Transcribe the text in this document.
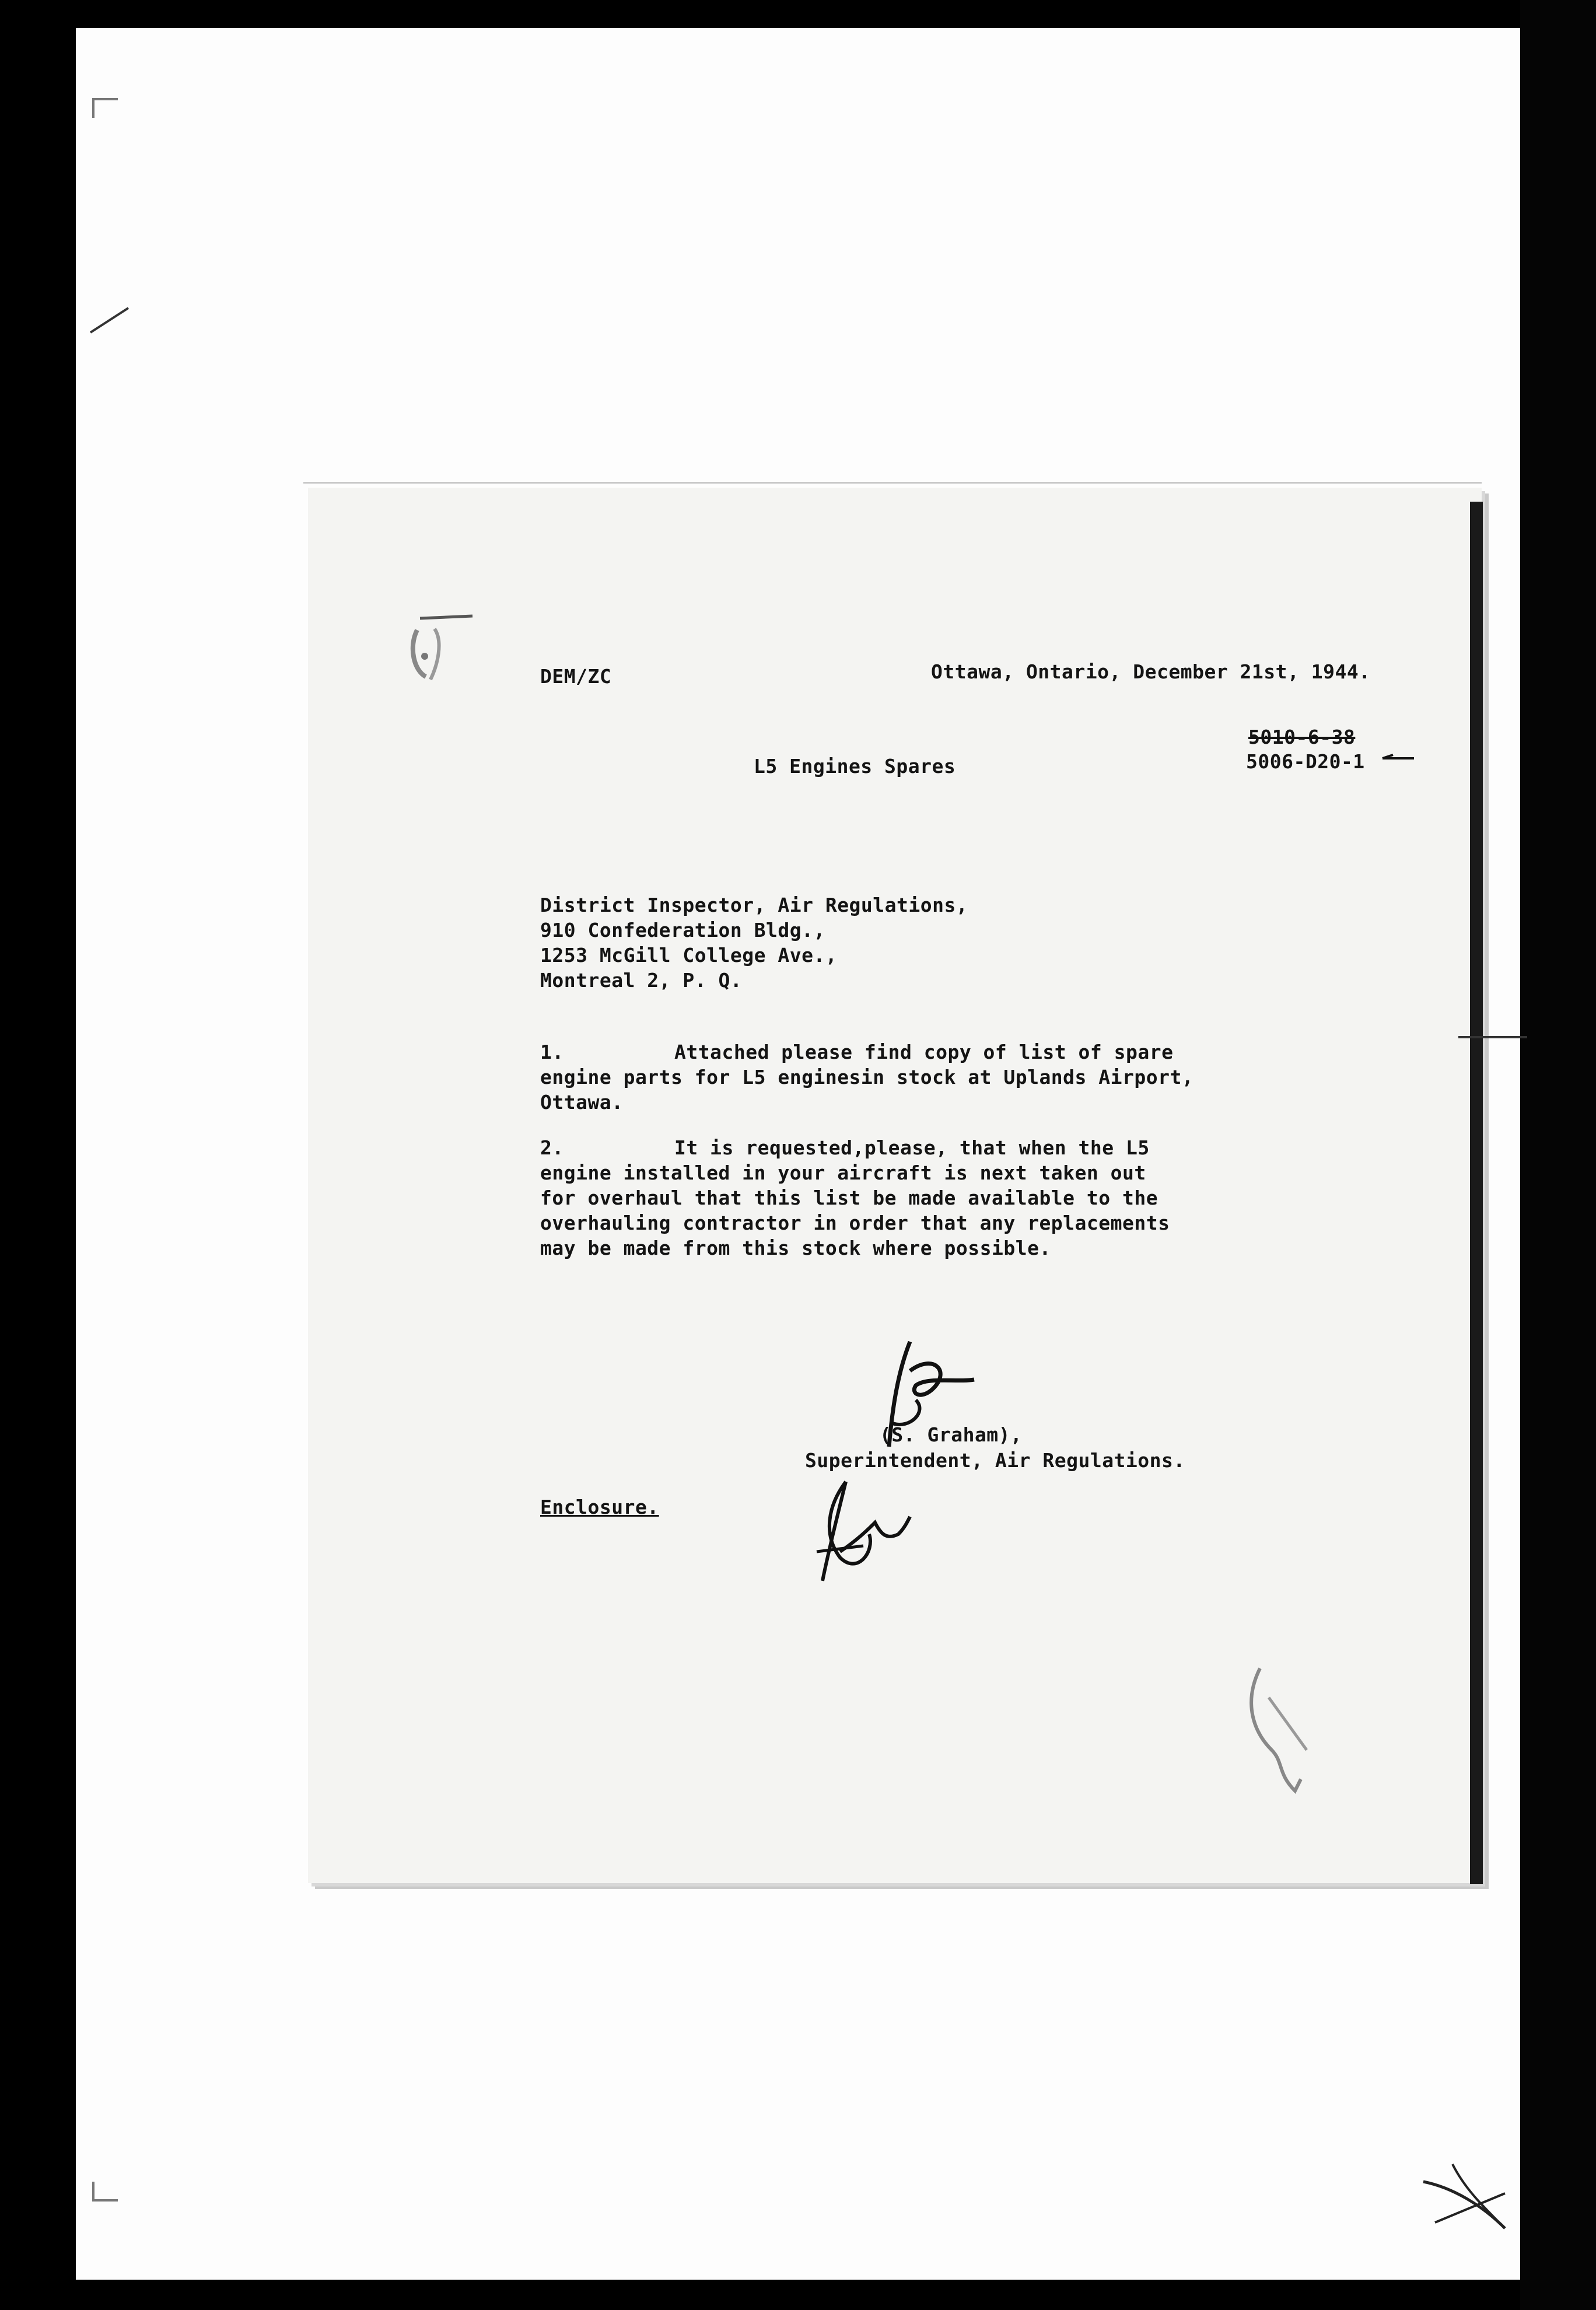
DEM/ZC	Ottawa, Ontario, December 21st, 1944.
5010-6-38
5006-D20-1
L5 Engines Spares
District Inspector, Air Regulations,
910 Confederation Bldg.,
1253 McGill College Ave.,
Montreal 2, P. Q.
1.	Attached please find copy of list of spare
engine parts for L5 enginesin stock at Uplands Airport,
Ottawa.
2.	It is requested,please, that when the L5
engine installed in your aircraft is next taken out
for overhaul that this list be made available to the
overhauling contractor in order that any replacements
may be made from this stock where possible.
(S. Graham),
Superintendent, Air Regulations.
Enclosure.
